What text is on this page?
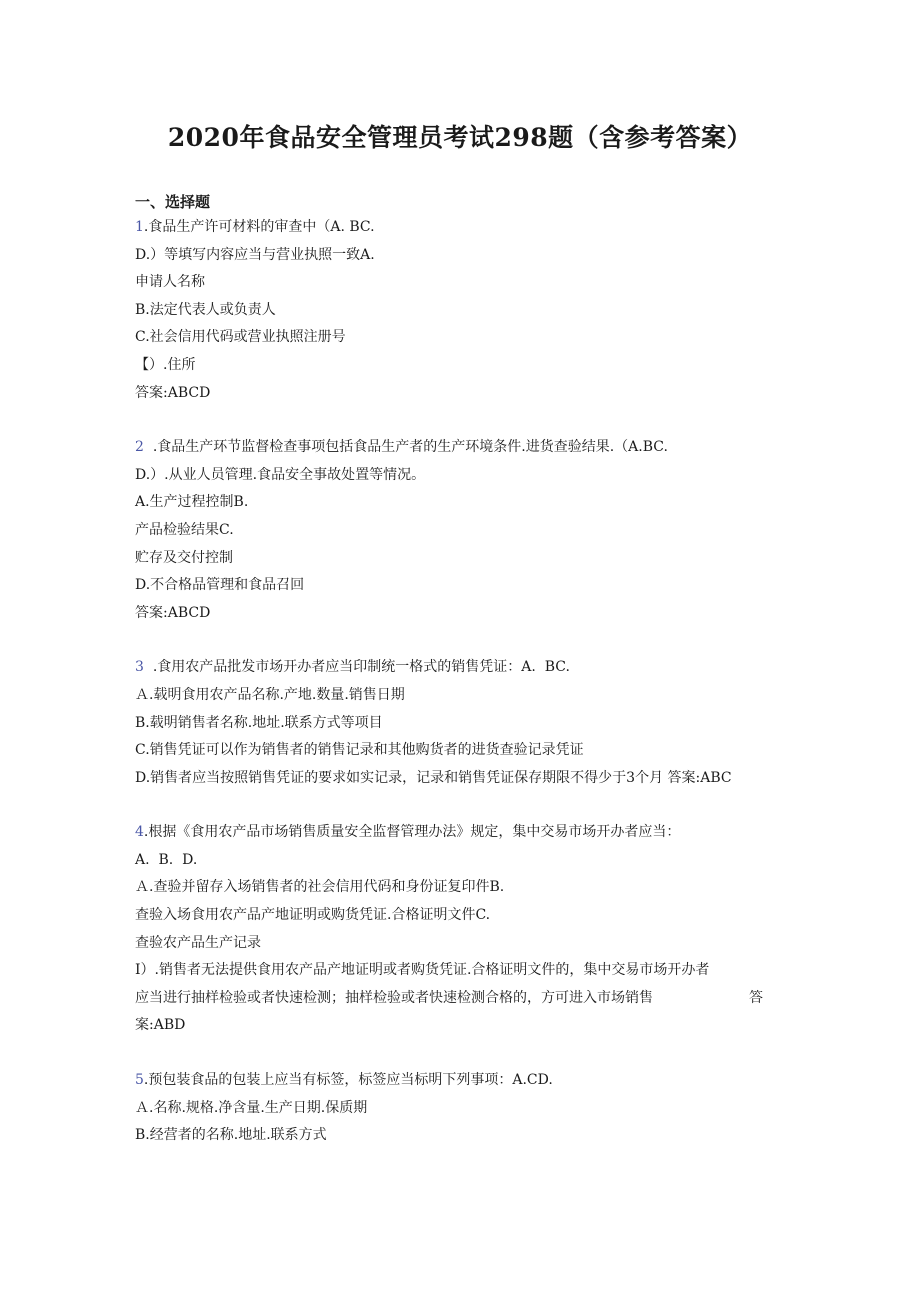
2020年食品安全管理员考试298题（含参考答案）
一、选择题
1.食品生产许可材料的审查中（A. BC.
D.）等填写内容应当与营业执照一致A.
申请人名称
B.法定代表人或负责人
C.社会信用代码或营业执照注册号
【）.住所
答案:ABCD
2  .食品生产环节监督检查事项包括食品生产者的生产环境条件.进货查验结果.（A.BC.
D.）.从业人员管理.食品安全事故处置等情况。
A.生产过程控制B.
产品检验结果C.
贮存及交付控制
D.不合格品管理和食品召回
答案:ABCD
3  .食用农产品批发市场开办者应当印制统一格式的销售凭证：A.  BC.
Ａ.载明食用农产品名称.产地.数量.销售日期
B.载明销售者名称.地址.联系方式等项目
C.销售凭证可以作为销售者的销售记录和其他购货者的进货查验记录凭证
D.销售者应当按照销售凭证的要求如实记录，记录和销售凭证保存期限不得少于3个月 答案:ABC
4.根据《食用农产品市场销售质量安全监督管理办法》规定，集中交易市场开办者应当：
A.  B.  D.
Ａ.查验并留存入场销售者的社会信用代码和身份证复印件B.
查验入场食用农产品产地证明或购货凭证.合格证明文件C.
查验农产品生产记录
I）.销售者无法提供食用农产品产地证明或者购货凭证.合格证明文件的，集中交易市场开办者
应当进行抽样检验或者快速检测；抽样检验或者快速检测合格的，方可进入市场销售	答
案:ABD
5.预包装食品的包装上应当有标签，标签应当标明下列事项：A.CD.
Ａ.名称.规格.净含量.生产日期.保质期
B.经营者的名称.地址.联系方式
